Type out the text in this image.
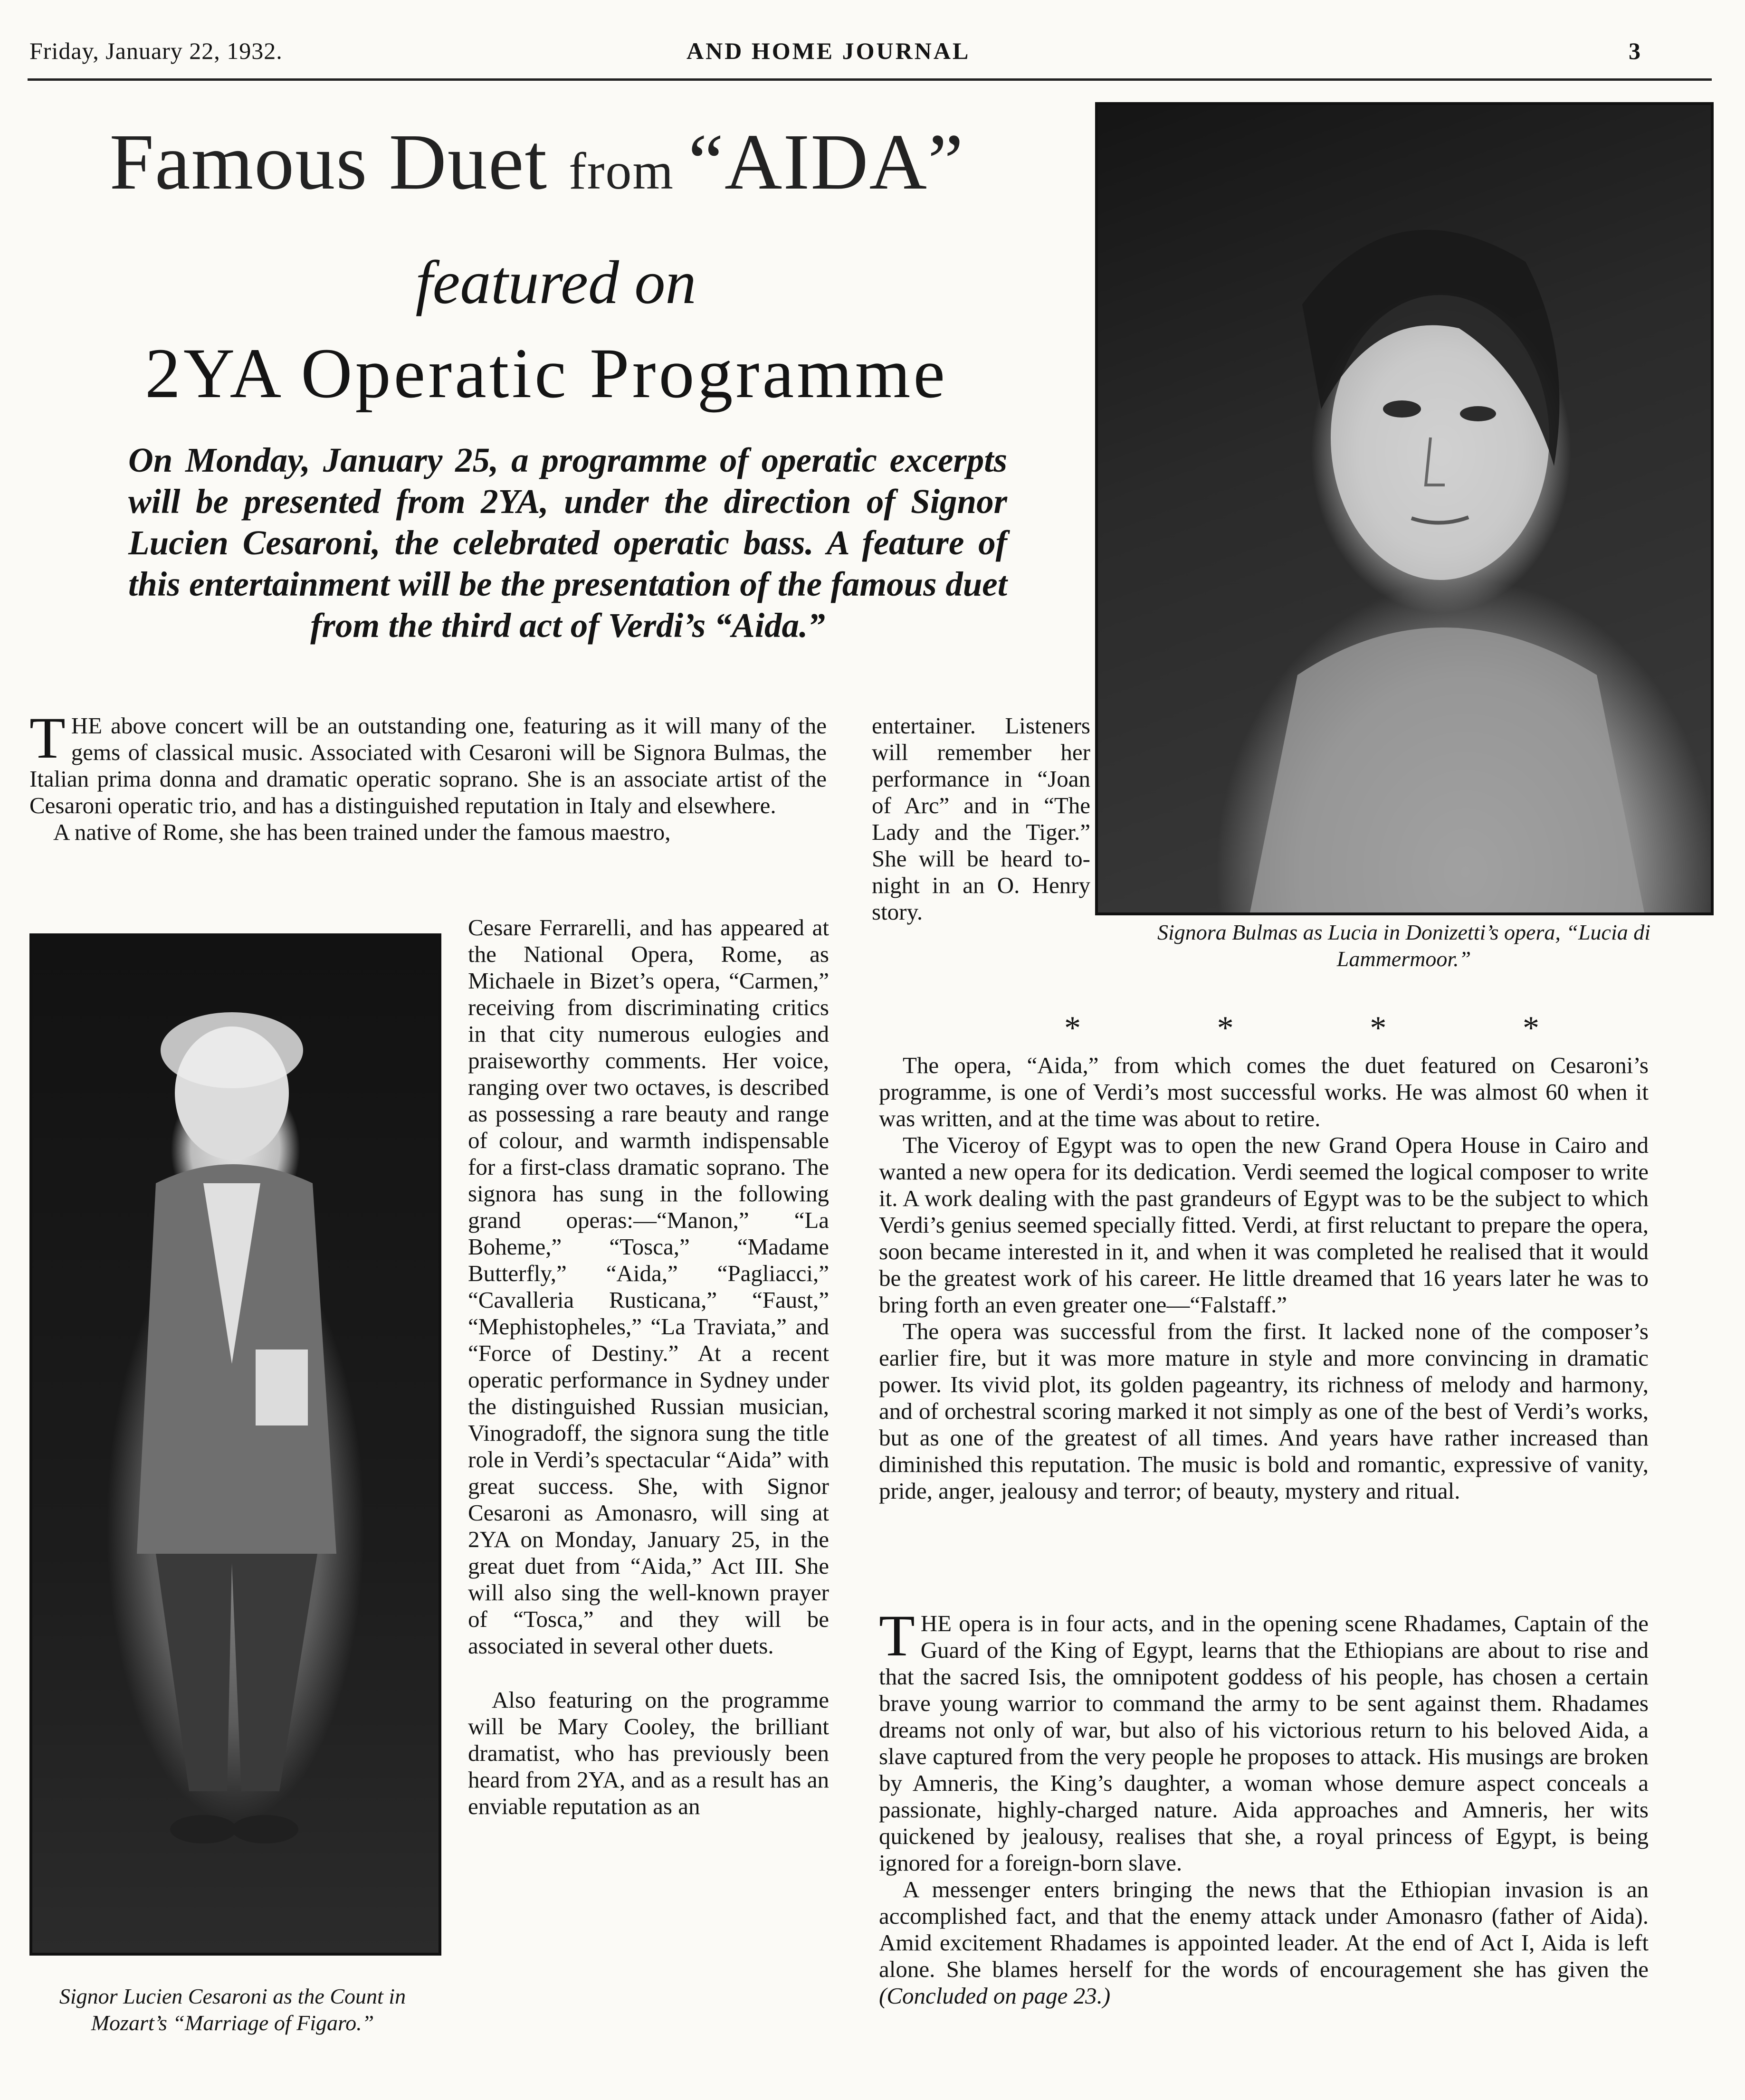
Friday, January 22, 1932.	AND HOME JOURNAL	3
Famous Duet from “AIDA”
featured on
2YA Operatic Programme

On Monday, January 25, a programme of operatic excerpts will be presented from 2YA, under the direction of Signor Lucien Cesaroni, the celebrated operatic bass. A feature of this entertainment will be the presentation of the famous duet from the third act of Verdi’s “Aida.”

Signora Bulmas as Lucia in Donizetti’s opera, “Lucia di Lammermoor.”
Signor Lucien Cesaroni as the Count in Mozart’s “Marriage of Figaro.”

THE above concert will be an outstanding one, featuring as it will many of the gems of classical music. Associated with Cesaroni will be Signora Bulmas, the Italian prima donna and dramatic operatic soprano. She is an associate artist of the Cesaroni operatic trio, and has a distinguished reputation in Italy and elsewhere.

A native of Rome, she has been trained under the famous maestro,

Cesare Ferrarelli, and has appeared at the National Opera, Rome, as Michaele in Bizet’s opera, “Carmen,” receiving from discriminating critics in that city numerous eulogies and praiseworthy comments. Her voice, ranging over two octaves, is described as possessing a rare beauty and range of colour, and warmth indispensable for a first-class dramatic soprano. The signora has sung in the following grand operas:—“Manon,” “La Boheme,” “Tosca,” “Madame Butterfly,” “Aida,” “Pagliacci,” “Cavalleria Rusticana,” “Faust,” “Mephistopheles,” “La Traviata,” and “Force of Destiny.” At a recent operatic performance in Sydney under the distinguished Russian musician, Vinogradoff, the signora sung the title role in Verdi’s spectacular “Aida” with great success. She, with Signor Cesaroni as Amonasro, will sing at 2YA on Monday, January 25, in the great duet from “Aida,” Act III. She will also sing the well-known prayer of “Tosca,” and they will be associated in several other duets.

Also featuring on the programme will be Mary Cooley, the brilliant dramatist, who has previously been heard from 2YA, and as a result has an enviable reputation as an

entertainer. Listeners will remember her performance in “Joan of Arc” and in “The Lady and the Tiger.” She will be heard to-night in an O. Henry story.

*	*	*	*

The opera, “Aida,” from which comes the duet featured on Cesaroni’s programme, is one of Verdi’s most successful works. He was almost 60 when it was written, and at the time was about to retire.

The Viceroy of Egypt was to open the new Grand Opera House in Cairo and wanted a new opera for its dedication. Verdi seemed the logical composer to write it. A work dealing with the past grandeurs of Egypt was to be the subject to which Verdi’s genius seemed specially fitted. Verdi, at first reluctant to prepare the opera, soon became interested in it, and when it was completed he realised that it would be the greatest work of his career. He little dreamed that 16 years later he was to bring forth an even greater one—“Falstaff.”

The opera was successful from the first. It lacked none of the composer’s earlier fire, but it was more mature in style and more convincing in dramatic power. Its vivid plot, its golden pageantry, its richness of melody and harmony, and of orchestral scoring marked it not simply as one of the best of Verdi’s works, but as one of the greatest of all times. And years have rather increased than diminished this reputation. The music is bold and romantic, expressive of vanity, pride, anger, jealousy and terror; of beauty, mystery and ritual.

THE opera is in four acts, and in the opening scene Rhadames, Captain of the Guard of the King of Egypt, learns that the Ethiopians are about to rise and that the sacred Isis, the omnipotent goddess of his people, has chosen a certain brave young warrior to command the army to be sent against them. Rhadames dreams not only of war, but also of his victorious return to his beloved Aida, a slave captured from the very people he proposes to attack. His musings are broken by Amneris, the King’s daughter, a woman whose demure aspect conceals a passionate, highly-charged nature. Aida approaches and Amneris, her wits quickened by jealousy, realises that she, a royal princess of Egypt, is being ignored for a foreign-born slave.

A messenger enters bringing the news that the Ethiopian invasion is an accomplished fact, and that the enemy attack under Amonasro (father of Aida). Amid excitement Rhadames is appointed leader. At the end of Act I, Aida is left alone. She blames herself for the words of encouragement she has given the (Concluded on page 23.)
